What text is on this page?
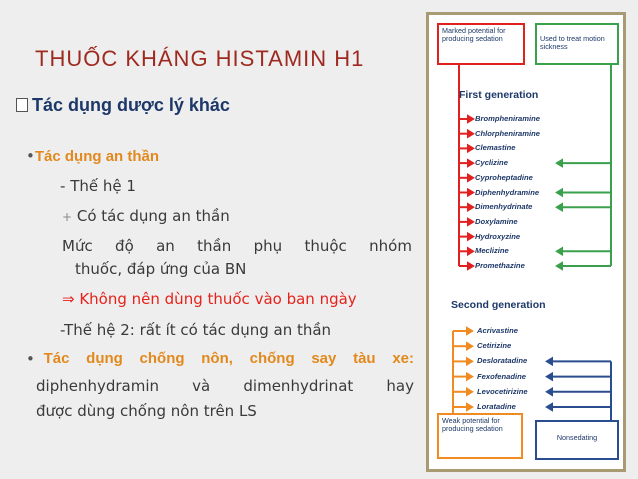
THUỐC KHÁNG HISTAMIN H1
Tác dụng dược lý khác
•Tác dụng an thần
- Thế hệ 1
+ Có tác dụng an thần
Mức độ an thần phụ thuộc nhóm
thuốc, đáp ứng của BN
⇒ Không nên dùng thuốc vào ban ngày
-Thế hệ 2: rất ít có tác dụng an thần
• Tác dụng chống nôn, chống say tàu xe:
diphenhydramin và dimenhydrinat hay
được dùng chống nôn trên LS
Marked potential for producing sedation	Used to treat motion sickness
First generation
Brompheniramine
Chlorpheniramine
Clemastine
Cyclizine
Cyproheptadine
Diphenhydramine
Dimenhydrinate
Doxylamine
Hydroxyzine
Meclizine
Promethazine
Second generation
Acrivastine
Cetirizine
Desloratadine
Fexofenadine
Levocetirizine
Loratadine
Weak potential for producing sedation
Nonsedating
